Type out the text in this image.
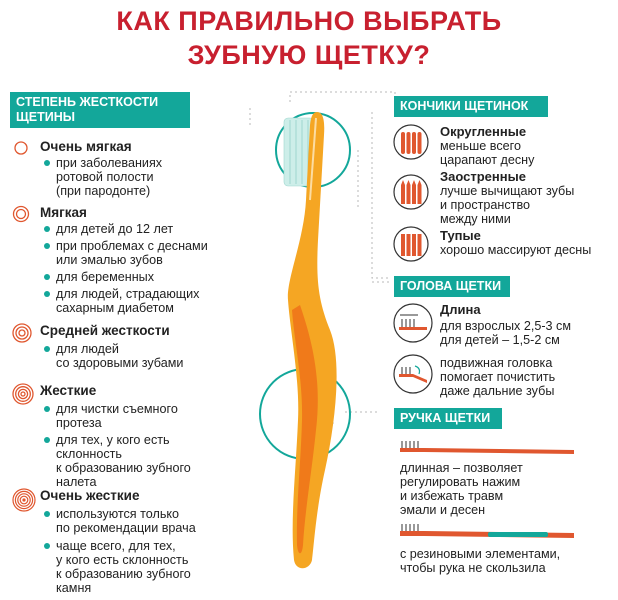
КАК ПРАВИЛЬНО ВЫБРАТЬ
ЗУБНУЮ ЩЕТКУ?
СТЕПЕНЬ ЖЕСТКОСТИ
ЩЕТИНЫ
Очень мягкая
при заболеваниях
ротовой полости
(при пародонте)
Мягкая
для детей до 12 лет
при проблемах с деснами
или эмалью зубов
для беременных
для людей, страдающих
сахарным диабетом
Средней жесткости
для людей
со здоровыми зубами
Жесткие
для чистки съемного
протеза
для тех, у кого есть
склонность
к образованию зубного
налета
Очень жесткие
используются только
по рекомендации врача
чаще всего, для тех,
у кого есть склонность
к образованию зубного
камня
КОНЧИКИ ЩЕТИНОК
Округленные
меньше всего
царапают десну
Заостренные
лучше вычищают зубы
и пространство
между ними
Тупые
хорошо массируют десны
ГОЛОВА ЩЕТКИ
Длина
для взрослых 2,5-3 см
для детей – 1,5-2 см
подвижная головка
помогает почистить
даже дальние зубы
РУЧКА ЩЕТКИ
длинная – позволяет
регулировать нажим
и избежать травм
эмали и десен
с резиновыми элементами,
чтобы рука не скользила
